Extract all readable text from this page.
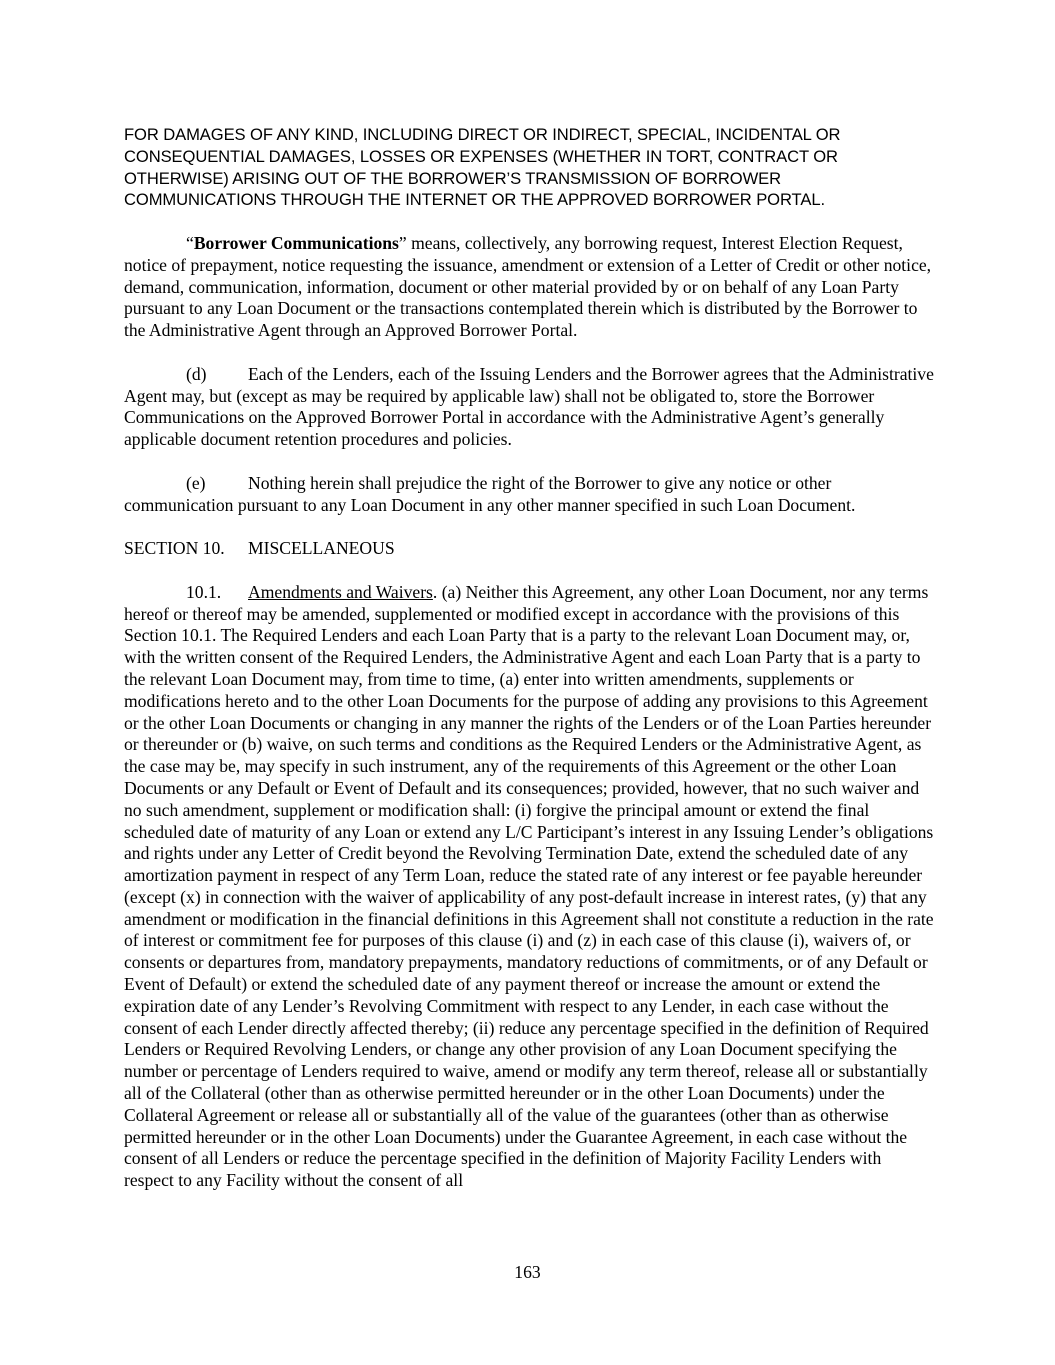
FOR DAMAGES OF ANY KIND, INCLUDING DIRECT OR INDIRECT, SPECIAL, INCIDENTAL OR CONSEQUENTIAL DAMAGES, LOSSES OR EXPENSES (WHETHER IN TORT, CONTRACT OR OTHERWISE) ARISING OUT OF THE BORROWER’S TRANSMISSION OF BORROWER COMMUNICATIONS THROUGH THE INTERNET OR THE APPROVED BORROWER PORTAL.

“Borrower Communications” means, collectively, any borrowing request, Interest Election Request, notice of prepayment, notice requesting the issuance, amendment or extension of a Letter of Credit or other notice, demand, communication, information, document or other material provided by or on behalf of any Loan Party pursuant to any Loan Document or the transactions contemplated therein which is distributed by the Borrower to the Administrative Agent through an Approved Borrower Portal.

(d) Each of the Lenders, each of the Issuing Lenders and the Borrower agrees that the Administrative Agent may, but (except as may be required by applicable law) shall not be obligated to, store the Borrower Communications on the Approved Borrower Portal in accordance with the Administrative Agent’s generally applicable document retention procedures and policies.

(e) Nothing herein shall prejudice the right of the Borrower to give any notice or other communication pursuant to any Loan Document in any other manner specified in such Loan Document.

SECTION 10. MISCELLANEOUS

10.1. Amendments and Waivers. (a) Neither this Agreement, any other Loan Document, nor any terms hereof or thereof may be amended, supplemented or modified except in accordance with the provisions of this Section 10.1. The Required Lenders and each Loan Party that is a party to the relevant Loan Document may, or, with the written consent of the Required Lenders, the Administrative Agent and each Loan Party that is a party to the relevant Loan Document may, from time to time, (a) enter into written amendments, supplements or modifications hereto and to the other Loan Documents for the purpose of adding any provisions to this Agreement or the other Loan Documents or changing in any manner the rights of the Lenders or of the Loan Parties hereunder or thereunder or (b) waive, on such terms and conditions as the Required Lenders or the Administrative Agent, as the case may be, may specify in such instrument, any of the requirements of this Agreement or the other Loan Documents or any Default or Event of Default and its consequences; provided, however, that no such waiver and no such amendment, supplement or modification shall: (i) forgive the principal amount or extend the final scheduled date of maturity of any Loan or extend any L/C Participant’s interest in any Issuing Lender’s obligations and rights under any Letter of Credit beyond the Revolving Termination Date, extend the scheduled date of any amortization payment in respect of any Term Loan, reduce the stated rate of any interest or fee payable hereunder (except (x) in connection with the waiver of applicability of any post-default increase in interest rates, (y) that any amendment or modification in the financial definitions in this Agreement shall not constitute a reduction in the rate of interest or commitment fee for purposes of this clause (i) and (z) in each case of this clause (i), waivers of, or consents or departures from, mandatory prepayments, mandatory reductions of commitments, or of any Default or Event of Default) or extend the scheduled date of any payment thereof or increase the amount or extend the expiration date of any Lender’s Revolving Commitment with respect to any Lender, in each case without the consent of each Lender directly affected thereby; (ii) reduce any percentage specified in the definition of Required Lenders or Required Revolving Lenders, or change any other provision of any Loan Document specifying the number or percentage of Lenders required to waive, amend or modify any term thereof, release all or substantially all of the Collateral (other than as otherwise permitted hereunder or in the other Loan Documents) under the Collateral Agreement or release all or substantially all of the value of the guarantees (other than as otherwise permitted hereunder or in the other Loan Documents) under the Guarantee Agreement, in each case without the consent of all Lenders or reduce the percentage specified in the definition of Majority Facility Lenders with respect to any Facility without the consent of all

163
